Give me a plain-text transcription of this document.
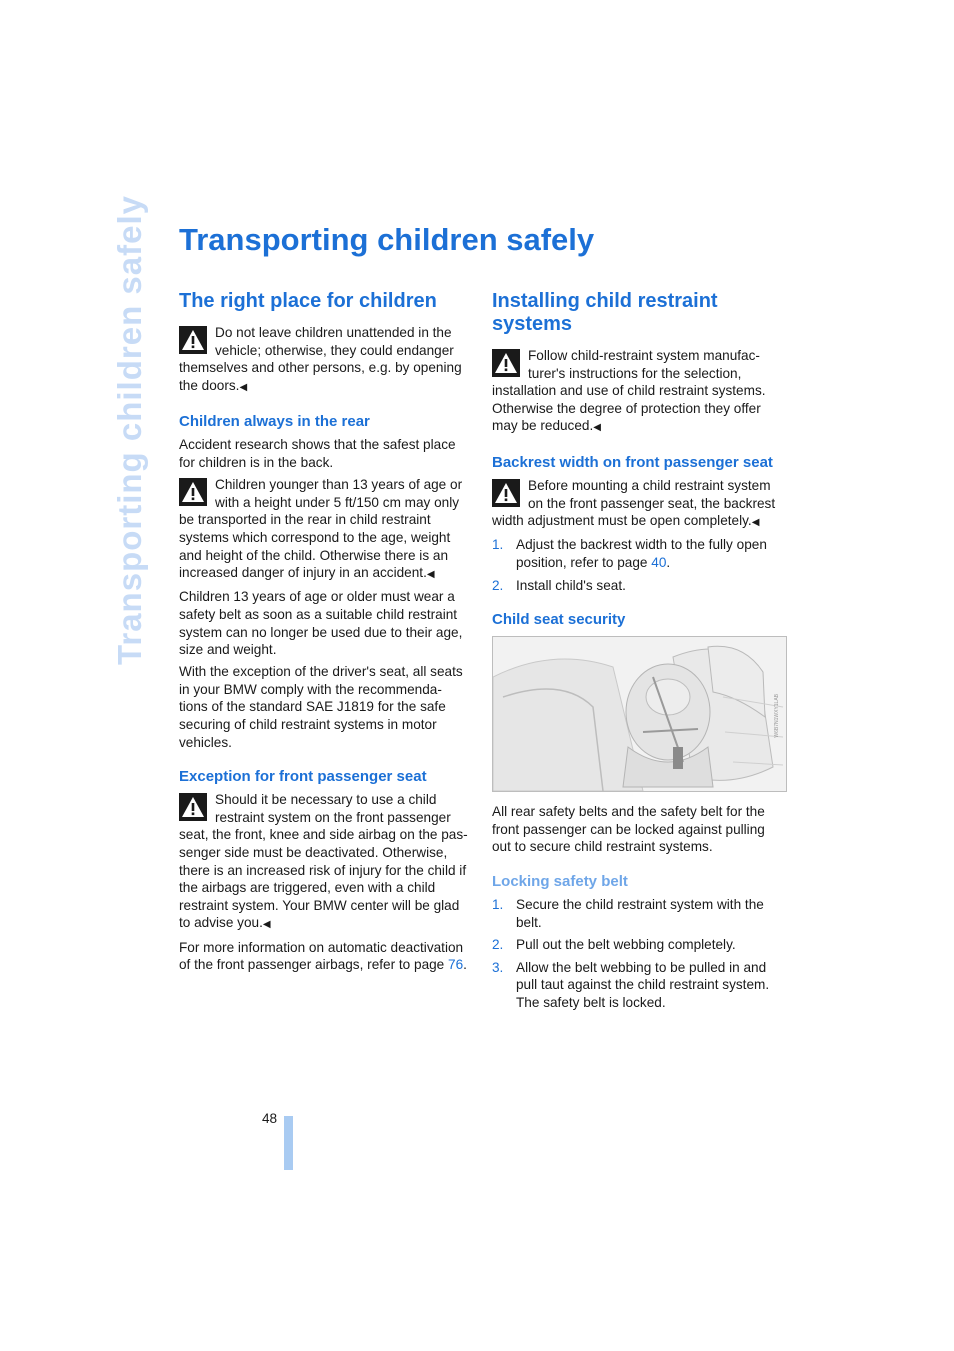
Transporting children safely Transporting children safely
The right place for children
Do not leave children unattended in the vehicle; otherwise, they could endanger themselves and other persons, e.g. by opening the doors.◀
Children always in the rear

Accident research shows that the safest place for children is in the back.

Children younger than 13 years of age or with a height under 5 ft/150 cm may only be transported in the rear in child restraint systems which correspond to the age, weight and height of the child. Otherwise there is an increased danger of injury in an accident.◀

Children 13 years of age or older must wear a safety belt as soon as a suitable child restraint system can no longer be used due to their age, size and weight.

With the exception of the driver's seat, all seats in your BMW comply with the recommenda- tions of the standard SAE J1819 for the safe securing of child restraint systems in motor vehicles.

Exception for front passenger seat
Should it be necessary to use a child restraint system on the front passenger seat, the front, knee and side airbag on the pas- senger side must be deactivated. Otherwise, there is an increased risk of injury for the child if the airbags are triggered, even with a child restraint system. Your BMW center will be glad to advise you.◀

For more information on automatic deactivation of the front passenger airbags, refer to page 76.

Installing child restraint systems
Follow child-restraint system manufac- turer's instructions for the selection, installation and use of child restraint systems. Otherwise the degree of protection they offer may be reduced.◀
Backrest width on front passenger seat
Before mounting a child restraint system on the front passenger seat, the backrest width adjustment must be open completely.◀
1. Adjust the backrest width to the fully open position, refer to page 40.
2. Install child's seat.
Child seat security
W6B7N1WXY1LAB

All rear safety belts and the safety belt for the front passenger can be locked against pulling out to secure child restraint systems.

Locking safety belt
1. Secure the child restraint system with the belt.
2. Pull out the belt webbing completely.
3. Allow the belt webbing to be pulled in and pull taut against the child restraint system. The safety belt is locked.
48
